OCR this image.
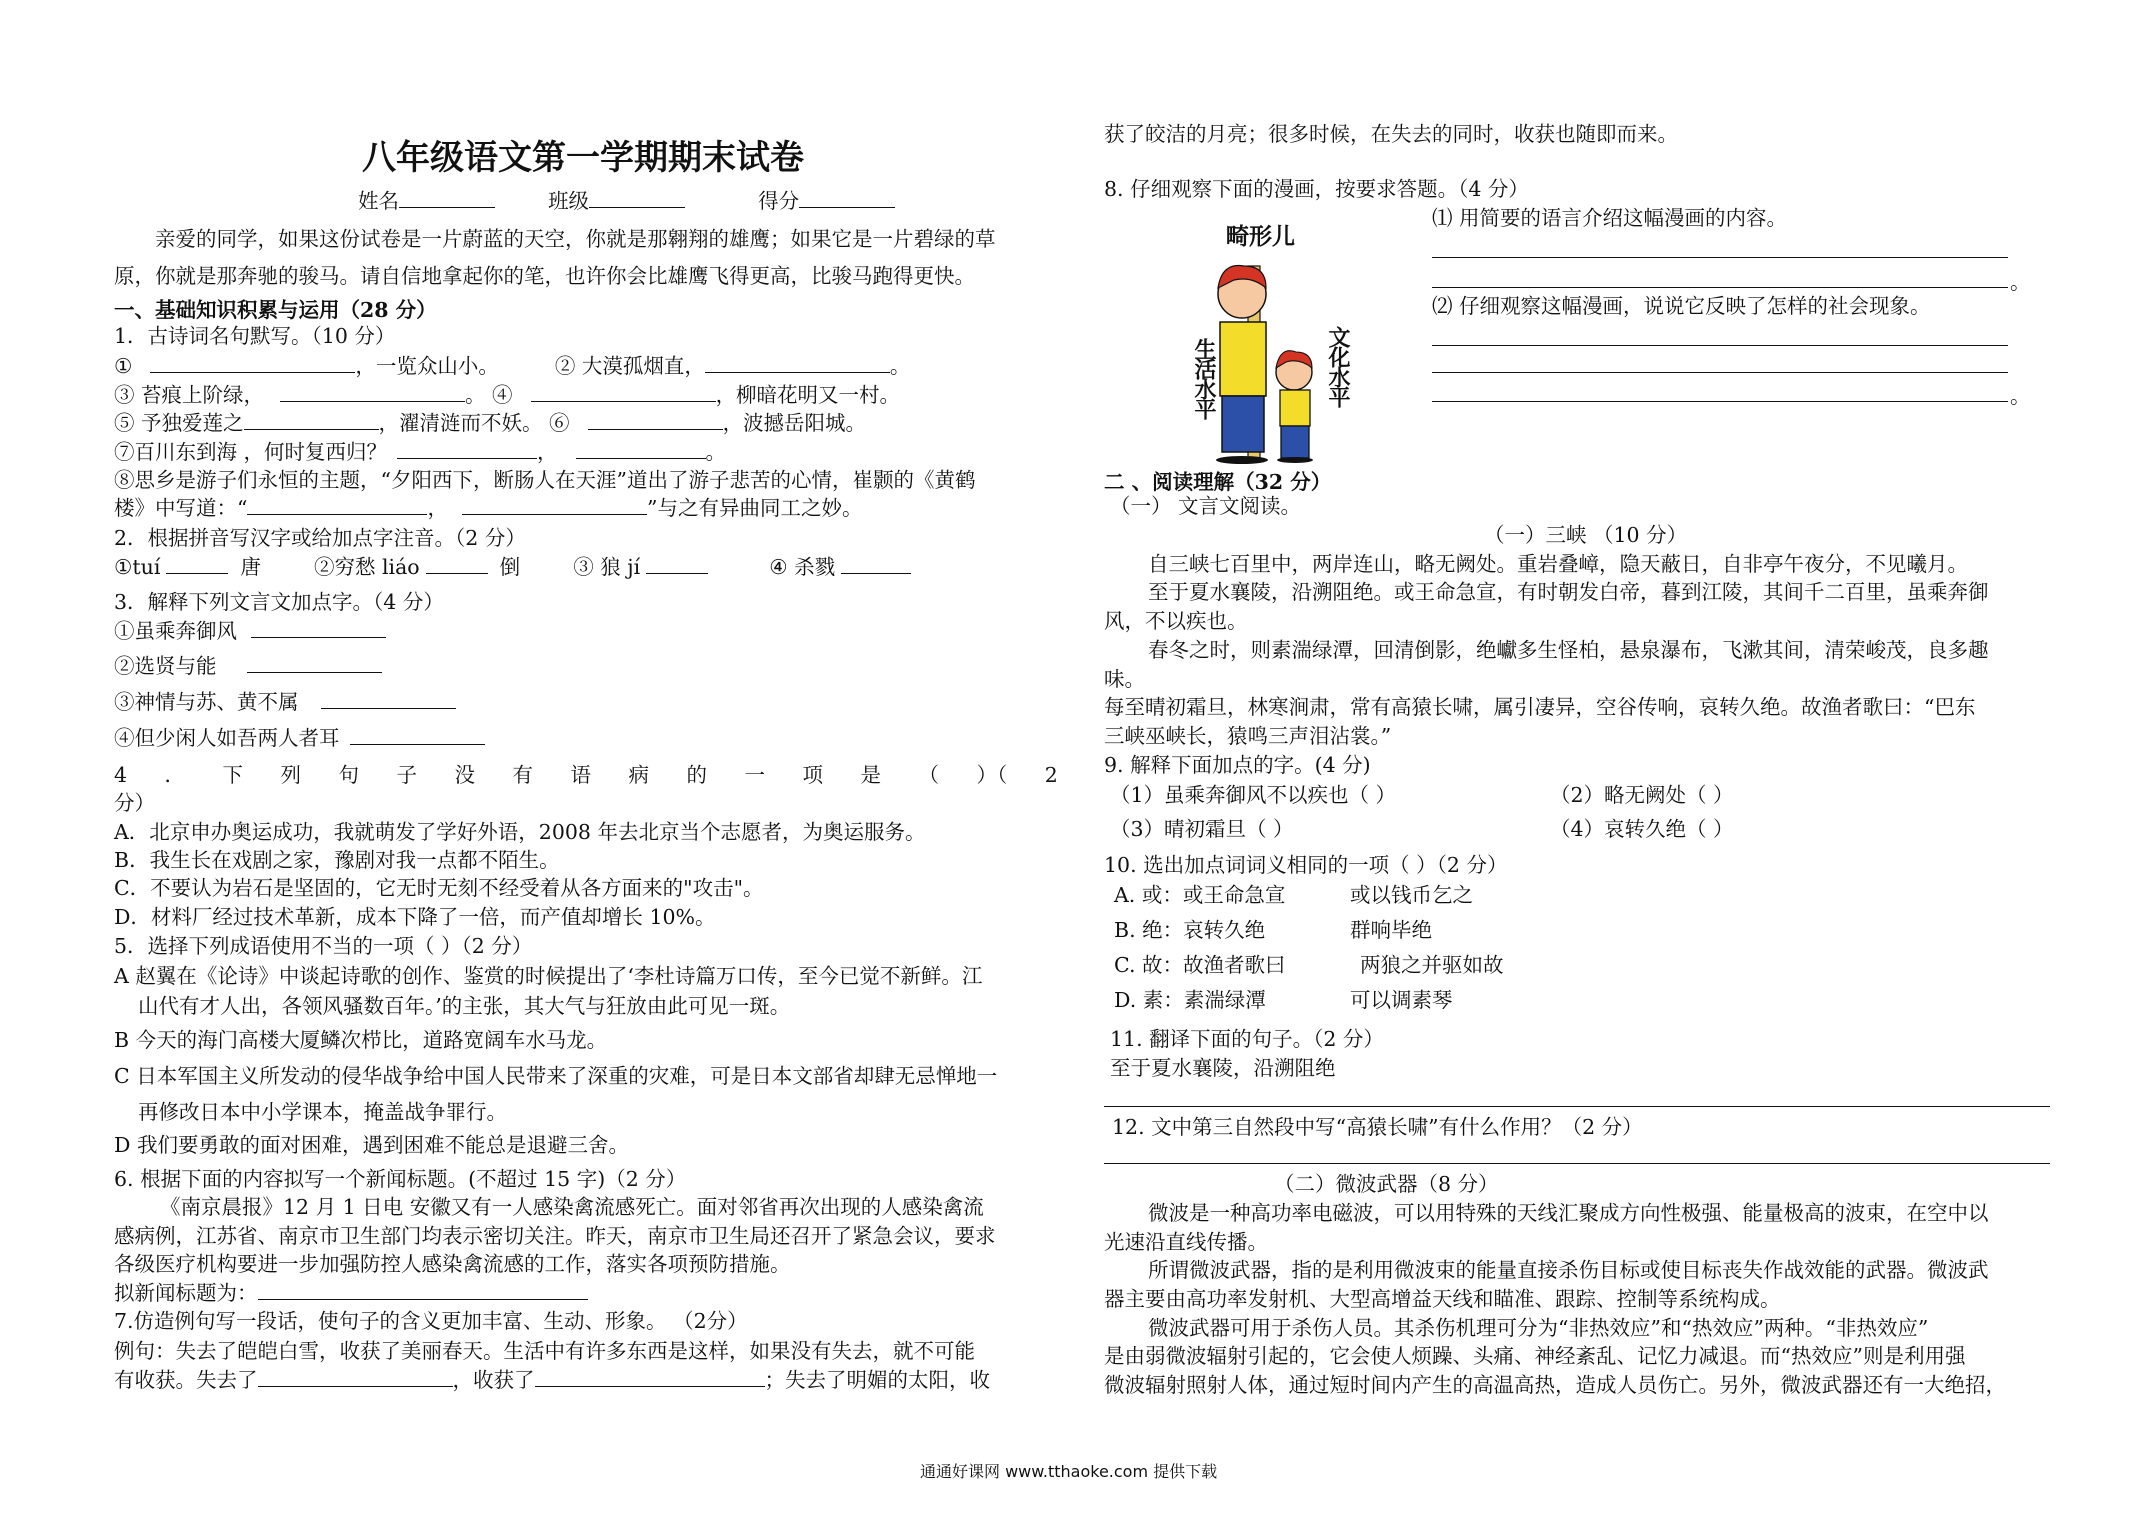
八年级语文第一学期期末试卷
姓名	班级	得分
亲爱的同学，如果这份试卷是一片蔚蓝的天空，你就是那翱翔的雄鹰；如果它是一片碧绿的草
原，你就是那奔驰的骏马。请自信地拿起你的笔，也许你会比雄鹰飞得更高，比骏马跑得更快。
一、基础知识积累与运用（28 分）
1．古诗词名句默写。（10 分）
①	，一览众山小。	② 大漠孤烟直，	。
③ 苔痕上阶绿，	。 ④	，柳暗花明又一村。
⑤ 予独爱莲之	，濯清涟而不妖。 ⑥	，波撼岳阳城。
⑦百川东到海 ，何时复西归？	，	。
⑧思乡是游子们永恒的主题，“夕阳西下，断肠人在天涯”道出了游子悲苦的心情，崔颢的《黄鹤
楼》中写道：“	，	”与之有异曲同工之妙。
2．根据拼音写汉字或给加点字注音。（2 分）
①tuí	唐	②穷愁 liáo	倒	③ 狼 jí	④ 杀戮
3．解释下列文言文加点字。（4 分）
①虽乘奔御风
②选贤与能
③神情与苏、黄不属
④但少闲人如吾两人者耳
4 ． 下 列 句 子 没 有 语 病 的 一 项 是 （ ）（ 2
分）
A．北京申办奥运成功，我就萌发了学好外语，2008 年去北京当个志愿者，为奥运服务。
B．我生长在戏剧之家，豫剧对我一点都不陌生。
C．不要认为岩石是坚固的，它无时无刻不经受着从各方面来的"攻击"。
D．材料厂经过技术革新，成本下降了一倍，而产值却增长 10%。
5．选择下列成语使用不当的一项（ ）（2 分）
A 赵翼在《论诗》中谈起诗歌的创作、鉴赏的时候提出了‘李杜诗篇万口传，至今已觉不新鲜。江
山代有才人出，各领风骚数百年。’的主张，其大气与狂放由此可见一斑。
B 今天的海门高楼大厦鳞次栉比，道路宽阔车水马龙。
C 日本军国主义所发动的侵华战争给中国人民带来了深重的灾难，可是日本文部省却肆无忌惮地一
再修改日本中小学课本，掩盖战争罪行。
D 我们要勇敢的面对困难，遇到困难不能总是退避三舍。
6. 根据下面的内容拟写一个新闻标题。(不超过 15 字)（2 分）
《南京晨报》12 月 1 日电 安徽又有一人感染禽流感死亡。面对邻省再次出现的人感染禽流
感病例，江苏省、南京市卫生部门均表示密切关注。昨天，南京市卫生局还召开了紧急会议，要求
各级医疗机构要进一步加强防控人感染禽流感的工作，落实各项预防措施。
拟新闻标题为：
7.仿造例句写一段话，使句子的含义更加丰富、生动、形象。 （2分）
例句：失去了皑皑白雪，收获了美丽春天。生活中有许多东西是这样，如果没有失去，就不可能
有收获。失去了	，收获了	；失去了明媚的太阳，收
获了皎洁的月亮；很多时候，在失去的同时，收获也随即而来。
8. 仔细观察下面的漫画，按要求答题。（4 分）
⑴ 用简要的语言介绍这幅漫画的内容。
。
⑵ 仔细观察这幅漫画，说说它反映了怎样的社会现象。
。
畸形儿
生活水平	文化水平
二 、阅读理解（32 分）
（一） 文言文阅读。
（一）三峡 （10 分）
自三峡七百里中，两岸连山，略无阙处。重岩叠嶂，隐天蔽日，自非亭午夜分，不见曦月。
至于夏水襄陵，沿溯阻绝。或王命急宣，有时朝发白帝，暮到江陵，其间千二百里，虽乘奔御
风，不以疾也。
春冬之时，则素湍绿潭，回清倒影，绝巘多生怪柏，悬泉瀑布，飞漱其间，清荣峻茂，良多趣
味。
每至晴初霜旦，林寒涧肃，常有高猿长啸，属引凄异，空谷传响，哀转久绝。故渔者歌曰：“巴东
三峡巫峡长，猿鸣三声泪沾裳。”
9. 解释下面加点的字。(4 分)
（1）虽乘奔御风不以疾也（ ）	（2）略无阙处（ ）
（3）晴初霜旦（ ）	（4）哀转久绝（ ）
10. 选出加点词词义相同的一项（ ）（2 分）
A. 或：或王命急宣	或以钱币乞之
B. 绝：哀转久绝	群响毕绝
C. 故：故渔者歌曰	两狼之并驱如故
D. 素：素湍绿潭	可以调素琴
11. 翻译下面的句子。（2 分）
至于夏水襄陵，沿溯阻绝
12. 文中第三自然段中写“高猿长啸”有什么作用？（2 分）
（二）微波武器（8 分）
微波是一种高功率电磁波，可以用特殊的天线汇聚成方向性极强、能量极高的波束，在空中以
光速沿直线传播。
所谓微波武器，指的是利用微波束的能量直接杀伤目标或使目标丧失作战效能的武器。微波武
器主要由高功率发射机、大型高增益天线和瞄准、跟踪、控制等系统构成。
微波武器可用于杀伤人员。其杀伤机理可分为“非热效应”和“热效应”两种。“非热效应”
是由弱微波辐射引起的，它会使人烦躁、头痛、神经紊乱、记忆力减退。而“热效应”则是利用强
微波辐射照射人体，通过短时间内产生的高温高热，造成人员伤亡。另外，微波武器还有一大绝招，
通通好课网 www.tthaoke.com 提供下载
